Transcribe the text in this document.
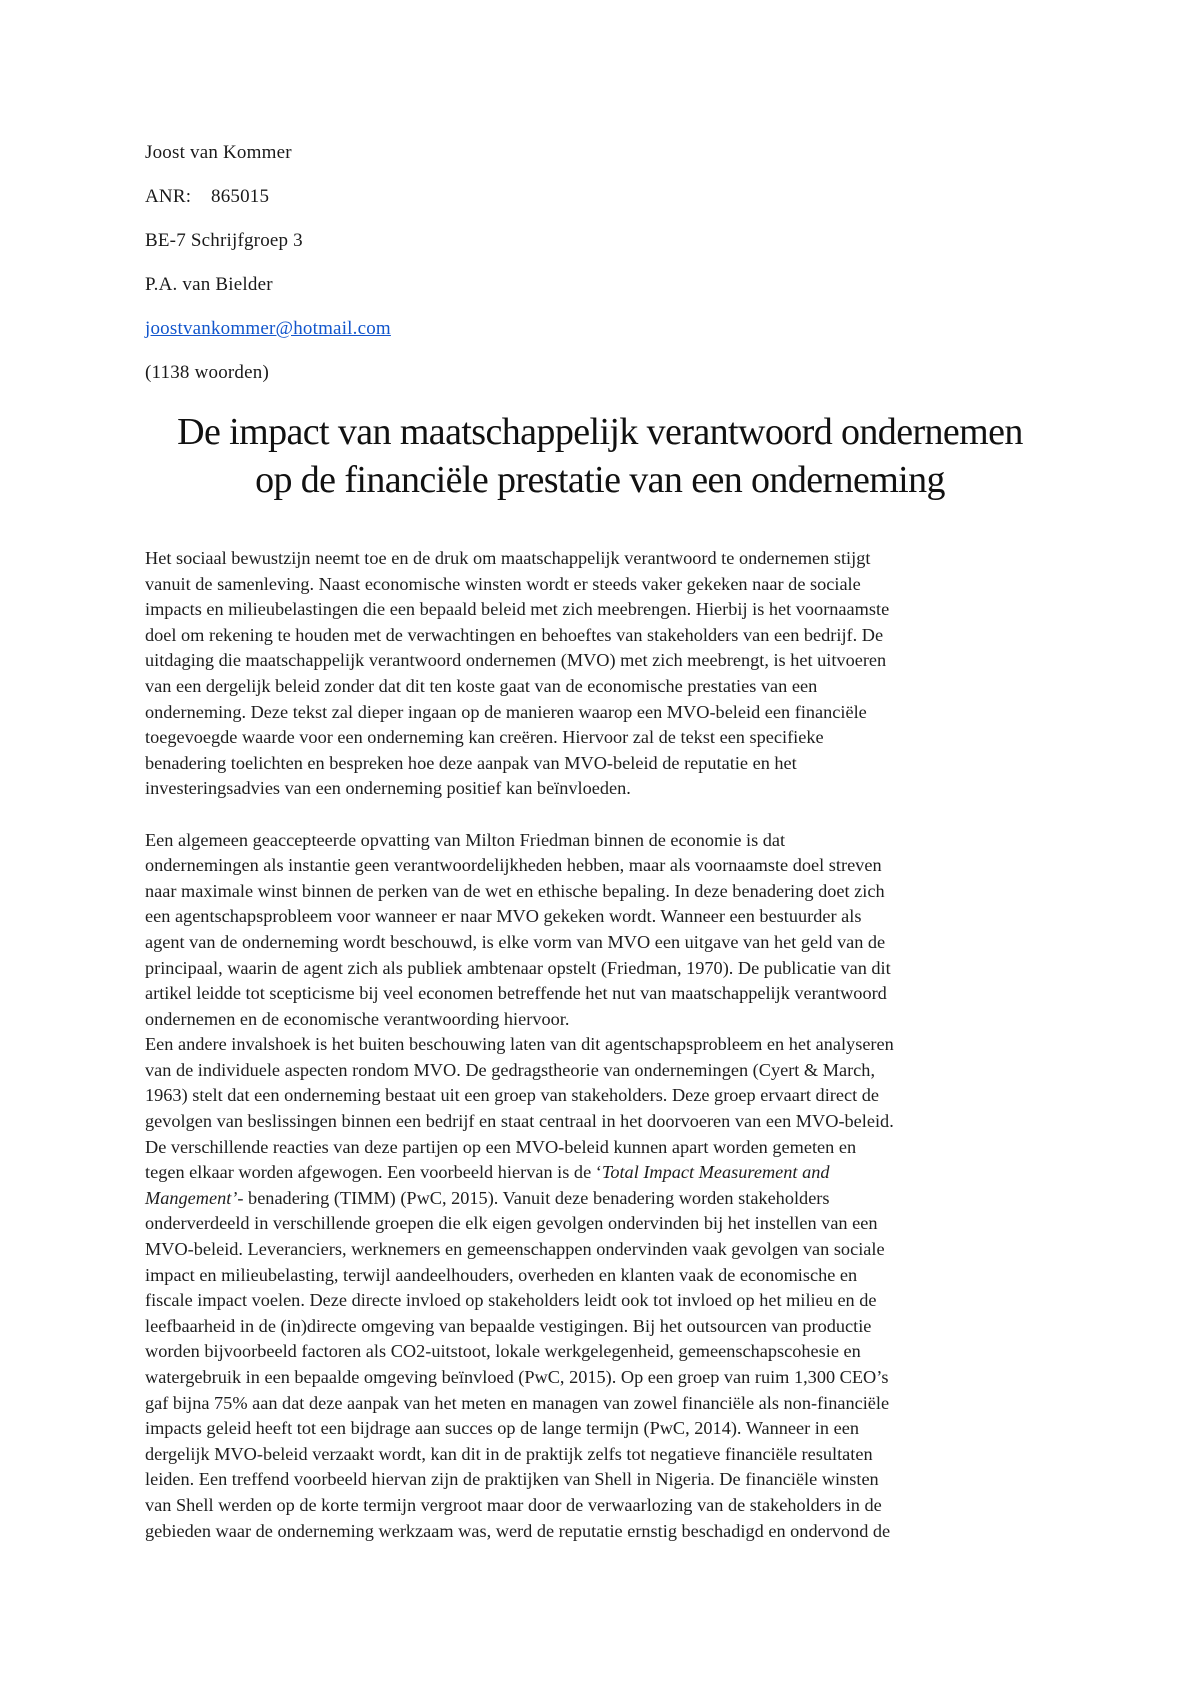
Joost van Kommer
ANR:    865015
BE-7 Schrijfgroep 3
P.A. van Bielder
joostvankommer@hotmail.com
(1138 woorden)
De impact van maatschappelijk verantwoord ondernemen
op de financiële prestatie van een onderneming
Het sociaal bewustzijn neemt toe en de druk om maatschappelijk verantwoord te ondernemen stijgt
vanuit de samenleving. Naast economische winsten wordt er steeds vaker gekeken naar de sociale
impacts en milieubelastingen die een bepaald beleid met zich meebrengen. Hierbij is het voornaamste
doel om rekening te houden met de verwachtingen en behoeftes van stakeholders van een bedrijf. De
uitdaging die maatschappelijk verantwoord ondernemen (MVO) met zich meebrengt, is het uitvoeren
van een dergelijk beleid zonder dat dit ten koste gaat van de economische prestaties van een
onderneming. Deze tekst zal dieper ingaan op de manieren waarop een MVO-beleid een financiële
toegevoegde waarde voor een onderneming kan creëren. Hiervoor zal de tekst een specifieke
benadering toelichten en bespreken hoe deze aanpak van MVO-beleid de reputatie en het
investeringsadvies van een onderneming positief kan beïnvloeden.
Een algemeen geaccepteerde opvatting van Milton Friedman binnen de economie is dat
ondernemingen als instantie geen verantwoordelijkheden hebben, maar als voornaamste doel streven
naar maximale winst binnen de perken van de wet en ethische bepaling. In deze benadering doet zich
een agentschapsprobleem voor wanneer er naar MVO gekeken wordt. Wanneer een bestuurder als
agent van de onderneming wordt beschouwd, is elke vorm van MVO een uitgave van het geld van de
principaal, waarin de agent zich als publiek ambtenaar opstelt (Friedman, 1970). De publicatie van dit
artikel leidde tot scepticisme bij veel economen betreffende het nut van maatschappelijk verantwoord
ondernemen en de economische verantwoording hiervoor.
Een andere invalshoek is het buiten beschouwing laten van dit agentschapsprobleem en het analyseren
van de individuele aspecten rondom MVO. De gedragstheorie van ondernemingen (Cyert & March,
1963) stelt dat een onderneming bestaat uit een groep van stakeholders. Deze groep ervaart direct de
gevolgen van beslissingen binnen een bedrijf en staat centraal in het doorvoeren van een MVO-beleid.
De verschillende reacties van deze partijen op een MVO-beleid kunnen apart worden gemeten en
tegen elkaar worden afgewogen. Een voorbeeld hiervan is de ‘Total Impact Measurement and
Mangement’- benadering (TIMM) (PwC, 2015). Vanuit deze benadering worden stakeholders
onderverdeeld in verschillende groepen die elk eigen gevolgen ondervinden bij het instellen van een
MVO-beleid. Leveranciers, werknemers en gemeenschappen ondervinden vaak gevolgen van sociale
impact en milieubelasting, terwijl aandeelhouders, overheden en klanten vaak de economische en
fiscale impact voelen. Deze directe invloed op stakeholders leidt ook tot invloed op het milieu en de
leefbaarheid in de (in)directe omgeving van bepaalde vestigingen. Bij het outsourcen van productie
worden bijvoorbeeld factoren als CO2-uitstoot, lokale werkgelegenheid, gemeenschapscohesie en
watergebruik in een bepaalde omgeving beïnvloed (PwC, 2015). Op een groep van ruim 1,300 CEO’s
gaf bijna 75% aan dat deze aanpak van het meten en managen van zowel financiële als non-financiële
impacts geleid heeft tot een bijdrage aan succes op de lange termijn (PwC, 2014). Wanneer in een
dergelijk MVO-beleid verzaakt wordt, kan dit in de praktijk zelfs tot negatieve financiële resultaten
leiden. Een treffend voorbeeld hiervan zijn de praktijken van Shell in Nigeria. De financiële winsten
van Shell werden op de korte termijn vergroot maar door de verwaarlozing van de stakeholders in de
gebieden waar de onderneming werkzaam was, werd de reputatie ernstig beschadigd en ondervond de
